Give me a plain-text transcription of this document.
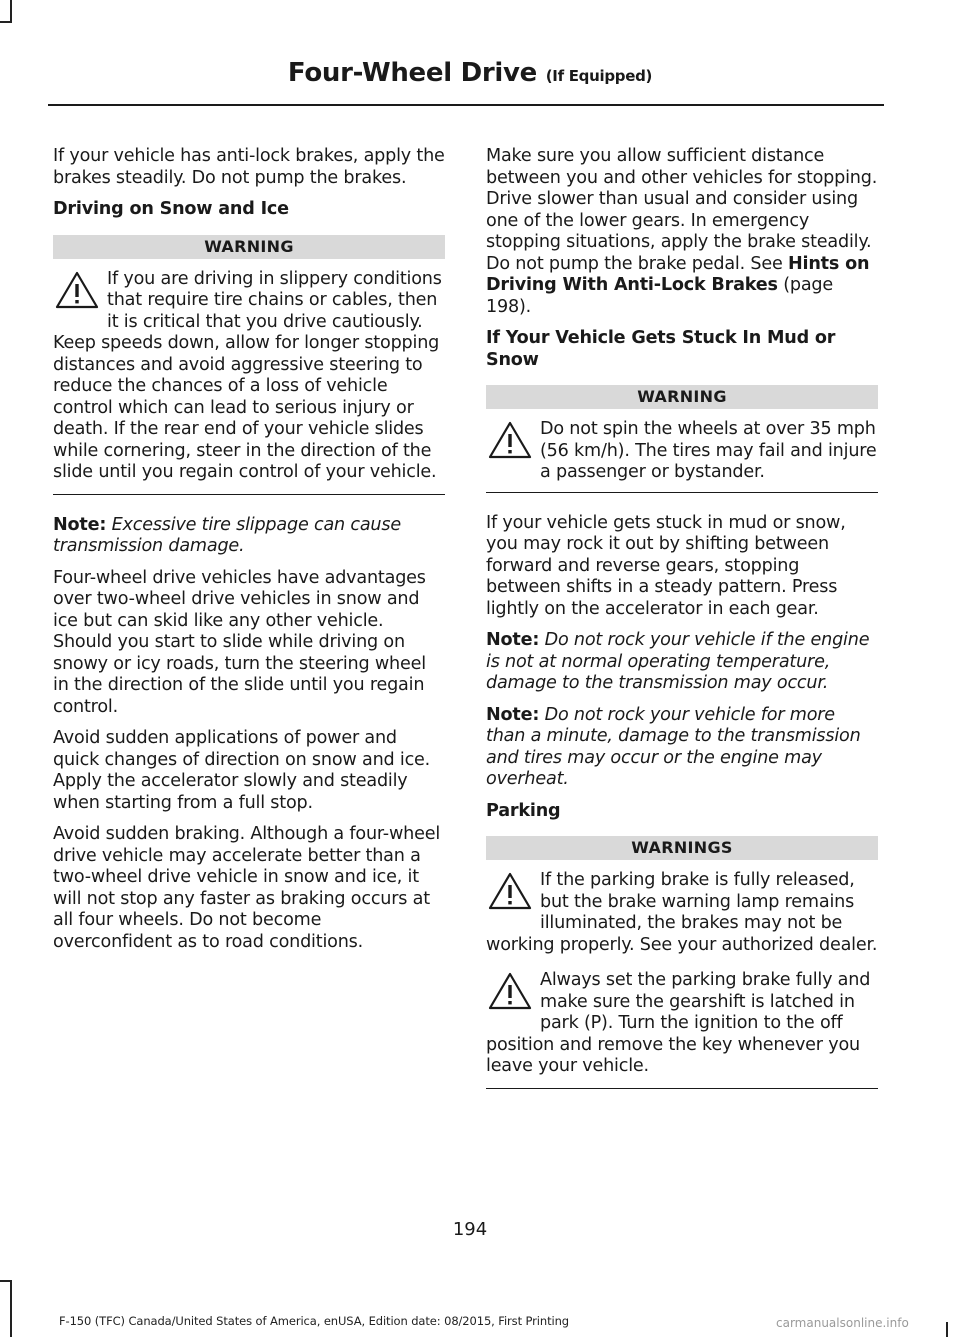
Four-Wheel Drive (If Equipped)

If your vehicle has anti-lock brakes, apply the brakes steadily. Do not pump the brakes.

Driving on Snow and Ice
WARNING
If you are driving in slippery conditions that require tire chains or cables, then it is critical that you drive cautiously. Keep speeds down, allow for longer stopping distances and avoid aggressive steering to reduce the chances of a loss of vehicle control which can lead to serious injury or death. If the rear end of your vehicle slides while cornering, steer in the direction of the slide until you regain control of your vehicle.

Note: Excessive tire slippage can cause transmission damage.

Four-wheel drive vehicles have advantages over two-wheel drive vehicles in snow and ice but can skid like any other vehicle. Should you start to slide while driving on snowy or icy roads, turn the steering wheel in the direction of the slide until you regain control.

Avoid sudden applications of power and quick changes of direction on snow and ice. Apply the accelerator slowly and steadily when starting from a full stop.

Avoid sudden braking. Although a four-wheel drive vehicle may accelerate better than a two-wheel drive vehicle in snow and ice, it will not stop any faster as braking occurs at all four wheels. Do not become overconfident as to road conditions.

Make sure you allow sufficient distance between you and other vehicles for stopping. Drive slower than usual and consider using one of the lower gears. In emergency stopping situations, apply the brake steadily. Do not pump the brake pedal. See Hints on Driving With Anti-Lock Brakes (page 198).

If Your Vehicle Gets Stuck In Mud or Snow
WARNING
Do not spin the wheels at over 35 mph (56 km/h). The tires may fail and injure a passenger or bystander.

If your vehicle gets stuck in mud or snow, you may rock it out by shifting between forward and reverse gears, stopping between shifts in a steady pattern. Press lightly on the accelerator in each gear.

Note: Do not rock your vehicle if the engine is not at normal operating temperature, damage to the transmission may occur.

Note: Do not rock your vehicle for more than a minute, damage to the transmission and tires may occur or the engine may overheat.

Parking
WARNINGS
If the parking brake is fully released, but the brake warning lamp remains illuminated, the brakes may not be working properly. See your authorized dealer.
Always set the parking brake fully and make sure the gearshift is latched in park (P). Turn the ignition to the off position and remove the key whenever you leave your vehicle.
194
F-150 (TFC) Canada/United States of America, enUSA, Edition date: 08/2015, First Printing	carmanualsonline.info
